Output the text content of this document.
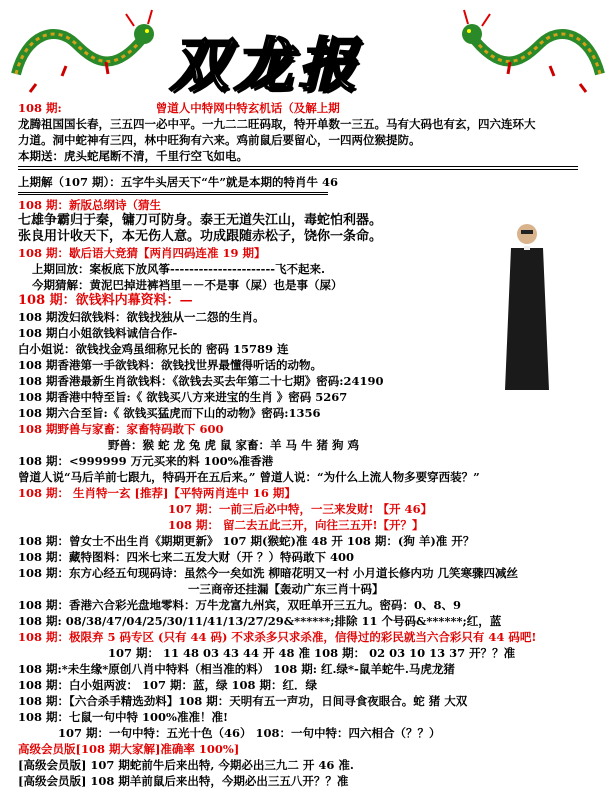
双龙报
108 期:	曾道人中特网中特玄机话（及解上期
龙腾祖国国长春，三五四一必中平。一九二二旺码取，特开单数一三五。马有大码也有玄，四六连环大
力道。洞中蛇神有三四，林中旺狗有六来。鸡前鼠后要留心，一四两位猴提防。
本期送：虎头蛇尾断不清，千里行空飞如电。
上期解（107 期）：五字牛头居天下“牛”就是本期的特肖牛 46
108 期：新版总纲诗（猜生
七雄争霸归于秦，镛刀可防身。泰王无道失江山，毒蛇怕利器。
张良用计收天下，本无伤人意。功成跟随赤松子，饶你一条命。
108 期：歇后语大竞猜【两肖四码连准 19 期】
上期回放：案板底下放风筝----------------------飞不起来.
今期猜解：黄泥巴掉进裤裆里－－不是事（屎）也是事（屎）
108 期：欲钱料内幕资料：—
108 期泼妇欲钱料：欲钱找独从一二怨的生肖。
108 期白小姐欲钱料诚信合作-
白小姐说：欲钱找金鸡虽细称兄长的 密码 15789 连
108 期香港第一手欲钱料：欲钱找世界最懂得听话的动物。
108 期香港最新生肖欲钱料：《欲钱去买去年第二十七期》密码:24190
108 期香港中特至旨:《 欲钱买八方来进宝的生肖 》密码 5267
108 期六合至旨:《 欲钱买猛虎而下山的动物》密码:1356
108 期野兽与家畜：家畜特码敢下 600
野兽：猴 蛇 龙 兔 虎 鼠 家畜：羊 马 牛 猪 狗 鸡
108 期：<999999 万元买来的料 100%准香港
曾道人说“马后羊前七跟九，特码开在五后来。” 曾道人说：“为什么上流人物多要穿西装？”
108 期： 生肖特一玄 [推荐]【平特两肖连中 16 期】
107 期：一前三后必中特，一三来发财! 【开 46】
108 期： 留二去五此三开，向往三五开!【开？】
108 期：曾女士不出生肖《期期更新》 107 期(猴蛇)准 48 开 108 期：(狗 羊)准 开？
108 期：藏特图料：四米七来二五发大财（开 ？）特码敢下 400
108 期：东方心经五句现码诗：虽然今一矣如洗 柳暗花明又一村 小月道长修内功 几笑寒骤四减丝
一三商帝还挂漏【轰动广东三肖十码】
108 期：香港六合彩光盘地零料：万牛龙富九州宾，双旺单开三五九。密码：0、8、9
108 期: 08/38/47/04/25/30/11/41/13/27/29&******;排除 11 个号码&******;红，蓝
108 期：极限弃 5 码专区 (只有 44 码) 不求杀多只求杀准，信得过的彩民就当六合彩只有 44 码吧!
107 期： 11 48 03 43 44 开 48 准 108 期： 02 03 10 13 37 开？？准
108 期:*未生缘*原创八肖中特料（相当准的料） 108 期: 红.绿*-鼠羊蛇牛.马虎龙猪
108 期：白小姐两波： 107 期：蓝，绿 108 期：红．绿
108 期：【六合杀手精选劲料】108 期：天明有五一声功，日间寻食夜眼合。蛇 猪 大双
108 期：七鼠一句中特 100%准准！准!
107 期：一句中特：五光十色（46） 108：一句中特：四六相合（？？）
高级会员版[108 期大家解]准确率 100%]
[高级会员版] 107 期蛇前牛后来出特, 今期必出三九二 开 46 准.
[高级会员版] 108 期羊前鼠后来出特，今期必出三五八开？？准
